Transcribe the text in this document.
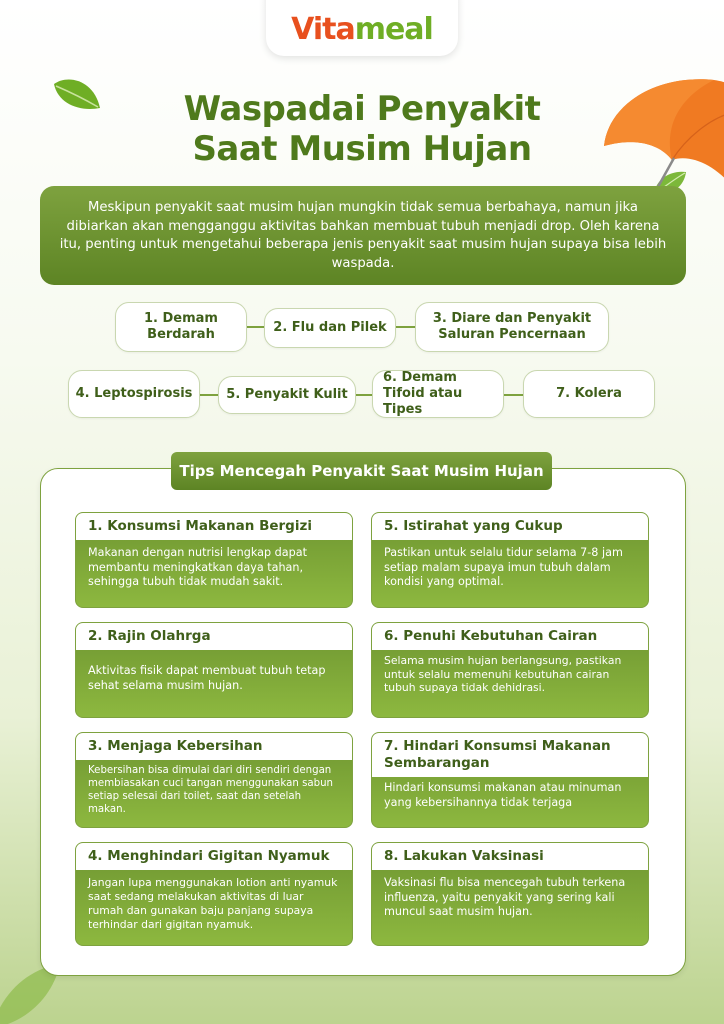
Vitameal
Waspadai Penyakit
Saat Musim Hujan
Meskipun penyakit saat musim hujan mungkin tidak semua berbahaya, namun jika dibiarkan akan mengganggu aktivitas bahkan membuat tubuh menjadi drop. Oleh karena itu, penting untuk mengetahui beberapa jenis penyakit saat musim hujan supaya bisa lebih waspada.
1. Demam Berdarah	2. Flu dan Pilek
3. Diare dan Penyakit Saluran Pencernaan
4. Leptospirosis	5. Penyakit Kulit
6. Demam Tifoid atau Tipes
7. Kolera
Tips Mencegah Penyakit Saat Musim Hujan
1. Konsumsi Makanan Bergizi
Makanan dengan nutrisi lengkap dapat membantu meningkatkan daya tahan, sehingga tubuh tidak mudah sakit.
5. Istirahat yang Cukup
Pastikan untuk selalu tidur selama 7-8 jam setiap malam supaya imun tubuh dalam kondisi yang optimal.
2. Rajin Olahrga
Aktivitas fisik dapat membuat tubuh tetap sehat selama musim hujan.
6. Penuhi Kebutuhan Cairan
Selama musim hujan berlangsung, pastikan untuk selalu memenuhi kebutuhan cairan tubuh supaya tidak dehidrasi.
3. Menjaga Kebersihan
Kebersihan bisa dimulai dari diri sendiri dengan membiasakan cuci tangan menggunakan sabun setiap selesai dari toilet, saat dan setelah makan.
7. Hindari Konsumsi Makanan Sembarangan
Hindari konsumsi makanan atau minuman yang kebersihannya tidak terjaga
4. Menghindari Gigitan Nyamuk
Jangan lupa menggunakan lotion anti nyamuk saat sedang melakukan aktivitas di luar rumah dan gunakan baju panjang supaya terhindar dari gigitan nyamuk.
8. Lakukan Vaksinasi
Vaksinasi flu bisa mencegah tubuh terkena influenza, yaitu penyakit yang sering kali muncul saat musim hujan.
